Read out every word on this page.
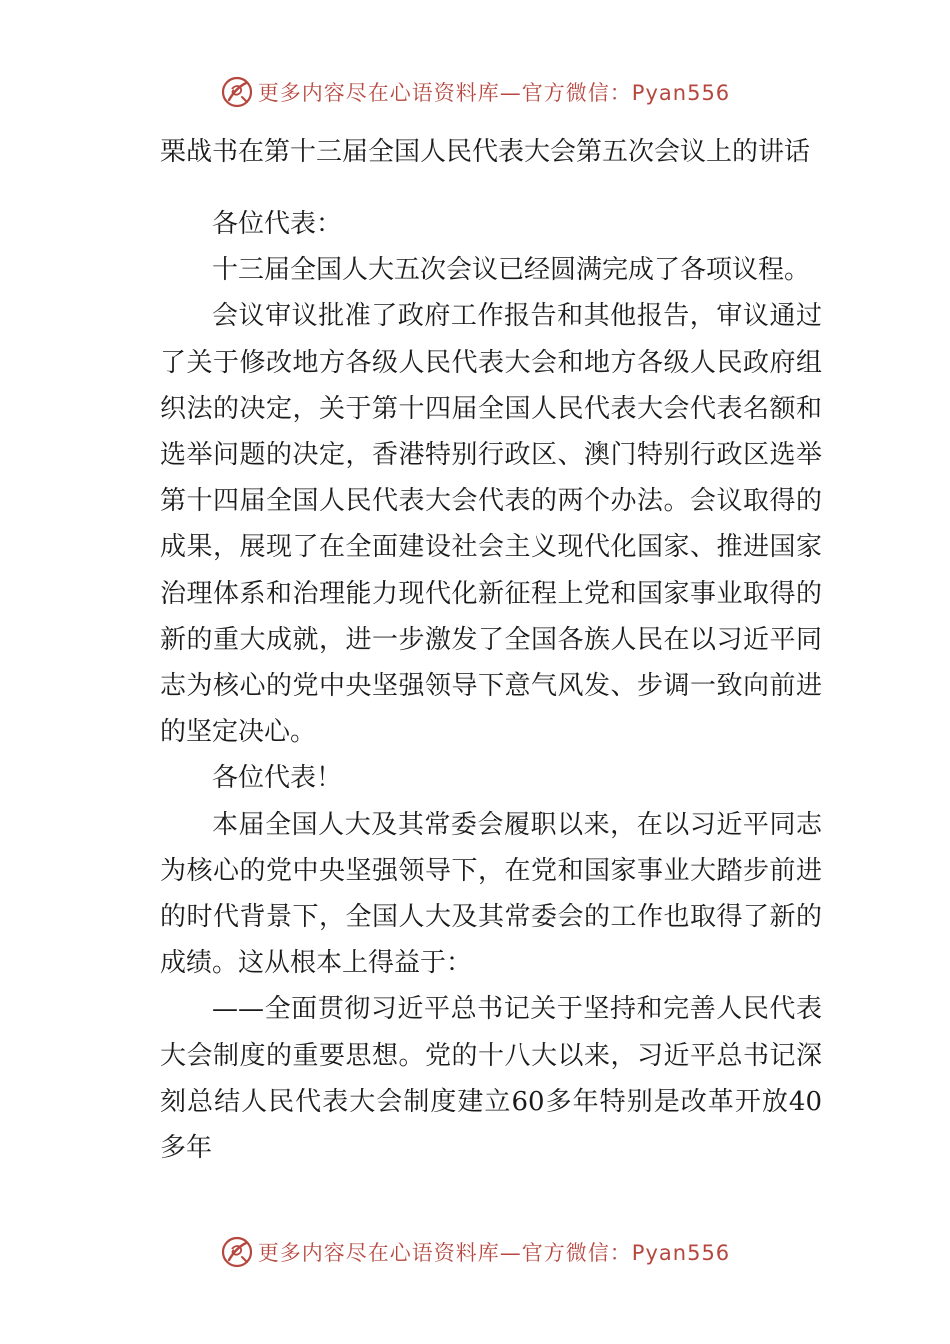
更多内容尽在心语资料库—官方微信：Pyan556
栗战书在第十三届全国人民代表大会第五次会议上的讲话

各位代表：

十三届全国人大五次会议已经圆满完成了各项议程。

会议审议批准了政府工作报告和其他报告，审议通过了关于修改地方各级人民代表大会和地方各级人民政府组织法的决定，关于第十四届全国人民代表大会代表名额和选举问题的决定，香港特别行政区、澳门特别行政区选举第十四届全国人民代表大会代表的两个办法。会议取得的成果，展现了在全面建设社会主义现代化国家、推进国家治理体系和治理能力现代化新征程上党和国家事业取得的新的重大成就，进一步激发了全国各族人民在以习近平同志为核心的党中央坚强领导下意气风发、步调一致向前进的坚定决心。

各位代表！

本届全国人大及其常委会履职以来，在以习近平同志为核心的党中央坚强领导下，在党和国家事业大踏步前进的时代背景下，全国人大及其常委会的工作也取得了新的成绩。这从根本上得益于：

——全面贯彻习近平总书记关于坚持和完善人民代表大会制度的重要思想。党的十八大以来，习近平总书记深刻总结人民代表大会制度建立60多年特别是改革开放40多年

更多内容尽在心语资料库—官方微信：Pyan556
